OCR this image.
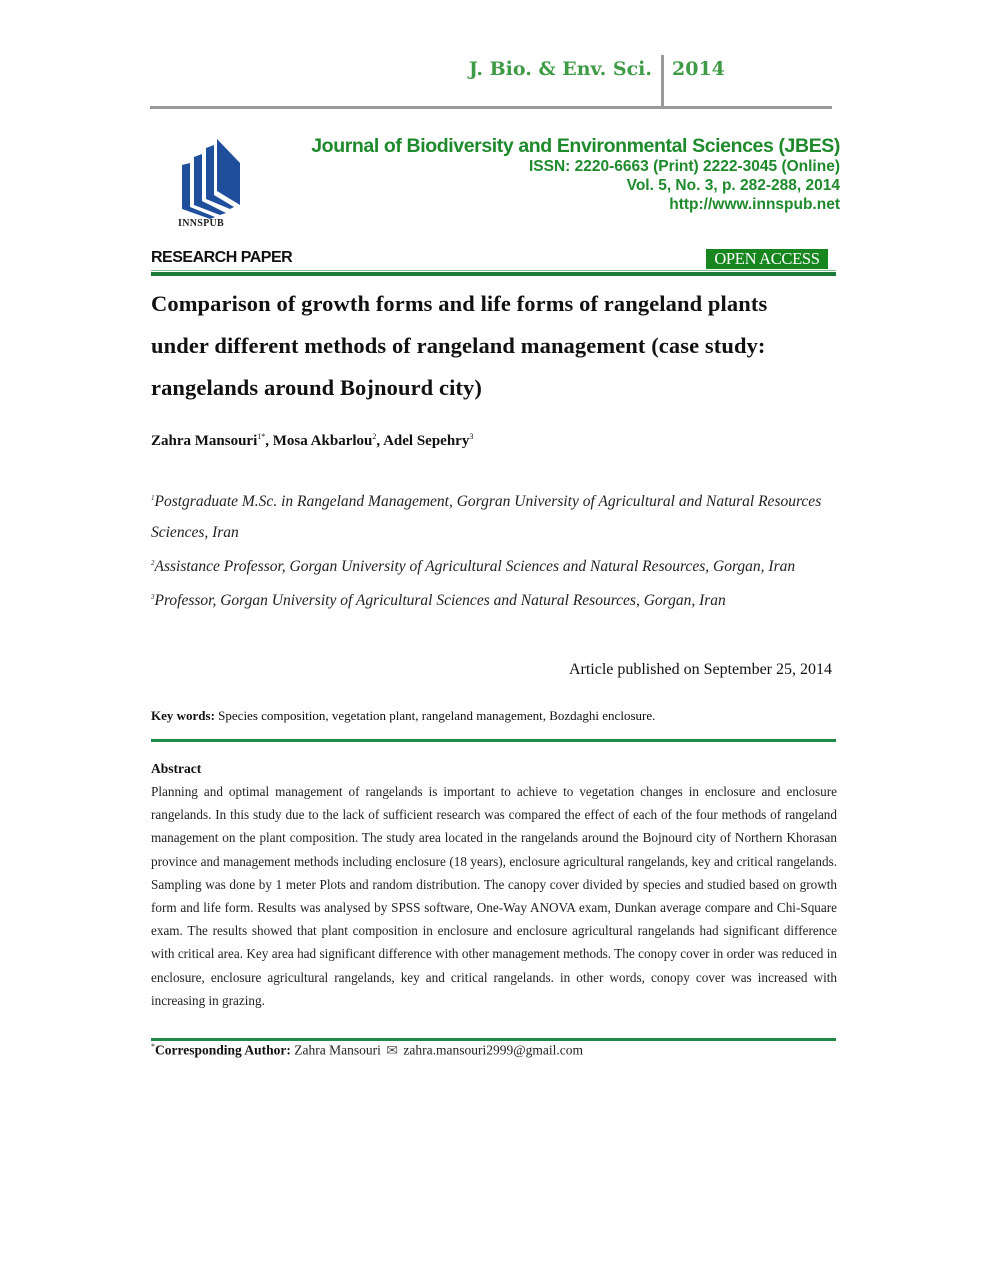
J. Bio. & Env. Sci. 2014
INNSPUB
Journal of Biodiversity and Environmental Sciences (JBES)
ISSN: 2220-6663 (Print) 2222-3045 (Online)
Vol. 5, No. 3, p. 282-288, 2014
http://www.innspub.net
RESEARCH PAPER	OPEN ACCESS
Comparison of growth forms and life forms of rangeland plants
under different methods of rangeland management (case study:
rangelands around Bojnourd city)
Zahra Mansouri$^{1*}$, Mosa Akbarlou$^2$, Adel Sepehry$^3$
$^1$Postgraduate M.Sc. in Rangeland Management, Gorgran University of Agricultural and Natural Resources Sciences, Iran
$^2$Assistance Professor, Gorgan University of Agricultural Sciences and Natural Resources, Gorgan, Iran
$^3$Professor, Gorgan University of Agricultural Sciences and Natural Resources, Gorgan, Iran
Article published on September 25, 2014
Key words: Species composition, vegetation plant, rangeland management, Bozdaghi enclosure.
Abstract
Planning and optimal management of rangelands is important to achieve to vegetation changes in enclosure and enclosure rangelands. In this study due to the lack of sufficient research was compared the effect of each of the four methods of rangeland management on the plant composition. The study area located in the rangelands around the Bojnourd city of Northern Khorasan province and management methods including enclosure (18 years), enclosure agricultural rangelands, key and critical rangelands. Sampling was done by 1 meter Plots and random distribution. The canopy cover divided by species and studied based on growth form and life form. Results was analysed by SPSS software, One-Way ANOVA exam, Dunkan average compare and Chi-Square exam. The results showed that plant composition in enclosure and enclosure agricultural rangelands had significant difference with critical area. Key area had significant difference with other management methods. The conopy cover in order was reduced in enclosure, enclosure agricultural rangelands, key and critical rangelands. in other words, conopy cover was increased with increasing in grazing.
*Corresponding Author: Zahra Mansouri ✉ zahra.mansouri2999@gmail.com
